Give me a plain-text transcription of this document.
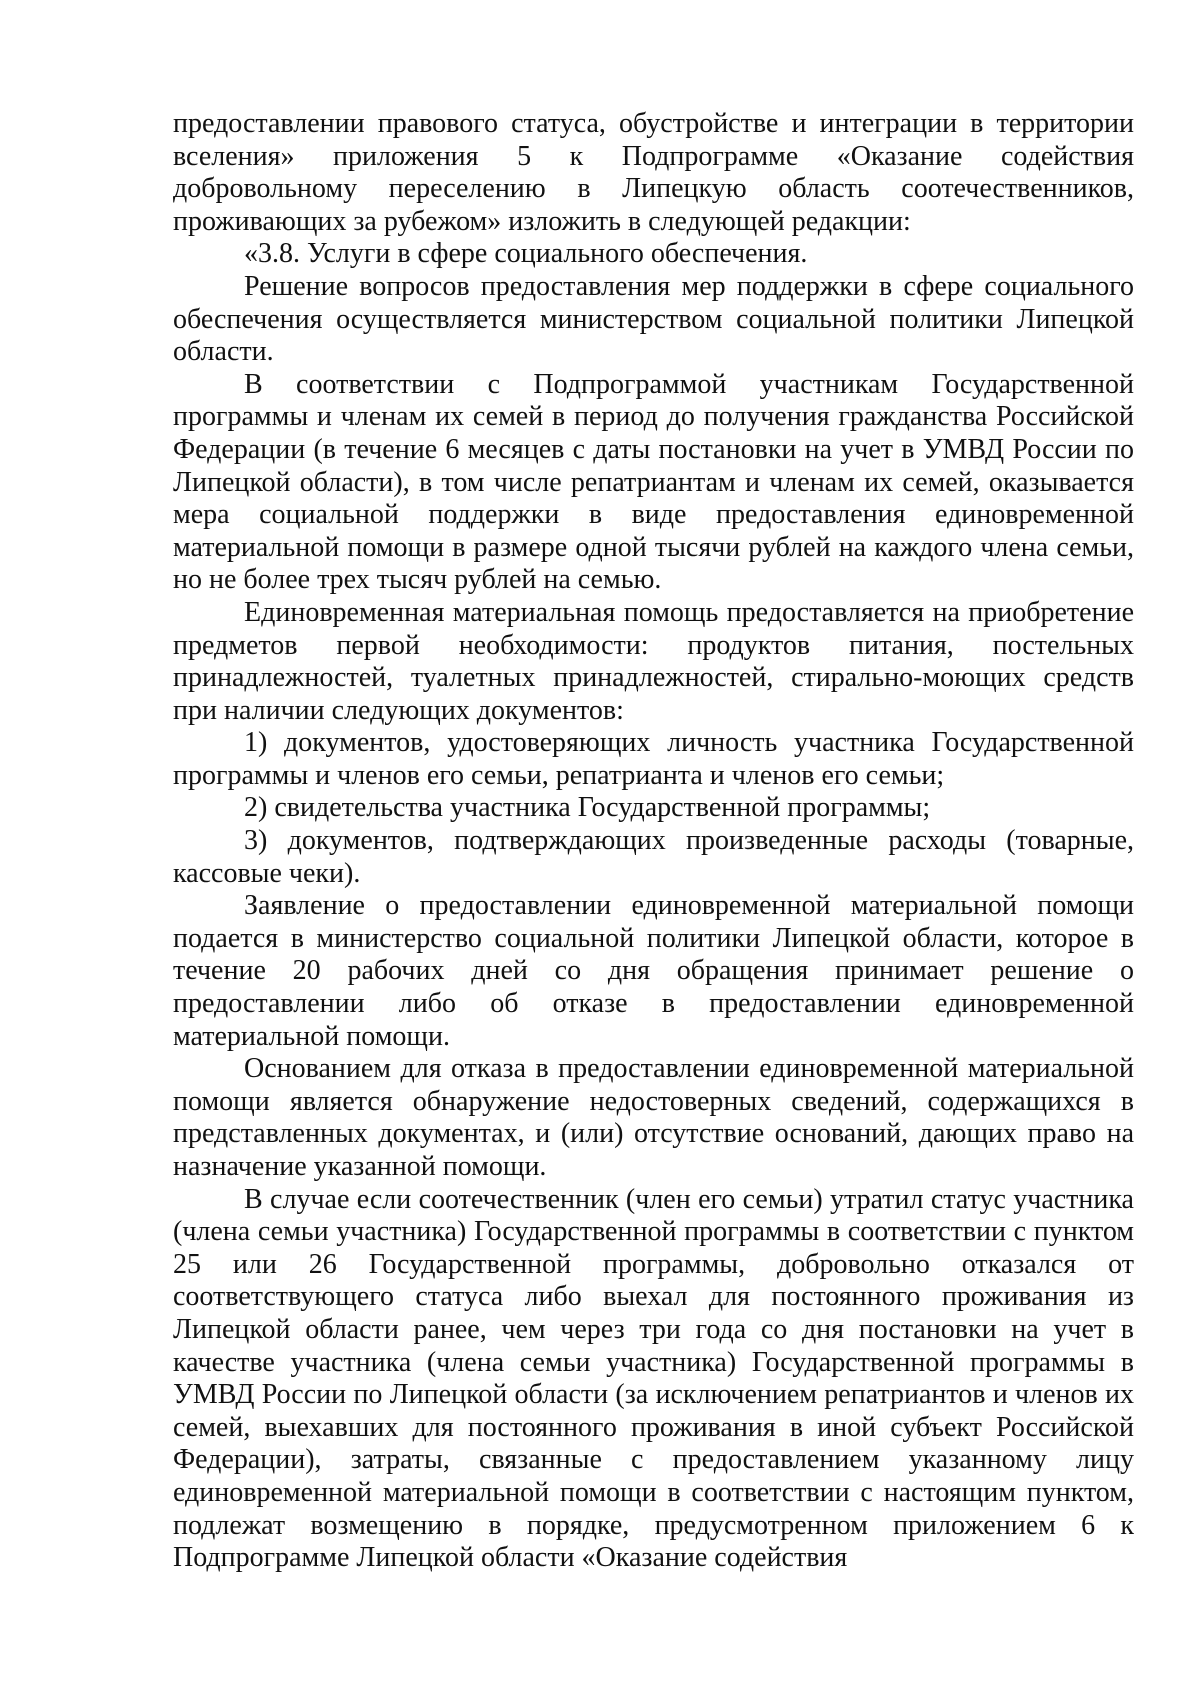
предоставлении правового статуса, обустройстве и интеграции в территории вселения» приложения 5 к Подпрограмме «Оказание содействия добровольному переселению в Липецкую область соотечественников, проживающих за рубежом» изложить в следующей редакции:

«3.8. Услуги в сфере социального обеспечения.

Решение вопросов предоставления мер поддержки в сфере социального обеспечения осуществляется министерством социальной политики Липецкой области.

В соответствии с Подпрограммой участникам Государственной программы и членам их семей в период до получения гражданства Российской Федерации (в течение 6 месяцев с даты постановки на учет в УМВД России по Липецкой области), в том числе репатриантам и членам их семей, оказывается мера социальной поддержки в виде предоставления единовременной материальной помощи в размере одной тысячи рублей на каждого члена семьи, но не более трех тысяч рублей на семью.

Единовременная материальная помощь предоставляется на приобретение предметов первой необходимости: продуктов питания, постельных принадлежностей, туалетных принадлежностей, стирально-моющих средств при наличии следующих документов:

1) документов, удостоверяющих личность участника Государственной программы и членов его семьи, репатрианта и членов его семьи;

2) свидетельства участника Государственной программы;

3) документов, подтверждающих произведенные расходы (товарные, кассовые чеки).

Заявление о предоставлении единовременной материальной помощи подается в министерство социальной политики Липецкой области, которое в течение 20 рабочих дней со дня обращения принимает решение о предоставлении либо об отказе в предоставлении единовременной материальной помощи.

Основанием для отказа в предоставлении единовременной материальной помощи является обнаружение недостоверных сведений, содержащихся в представленных документах, и (или) отсутствие оснований, дающих право на назначение указанной помощи.

В случае если соотечественник (член его семьи) утратил статус участника (члена семьи участника) Государственной программы в соответствии с пунктом 25 или 26 Государственной программы, добровольно отказался от соответствующего статуса либо выехал для постоянного проживания из Липецкой области ранее, чем через три года со дня постановки на учет в качестве участника (члена семьи участника) Государственной программы в УМВД России по Липецкой области (за исключением репатриантов и членов их семей, выехавших для постоянного проживания в иной субъект Российской Федерации), затраты, связанные с предоставлением указанному лицу единовременной материальной помощи в соответствии с настоящим пунктом, подлежат возмещению в порядке, предусмотренном приложением 6 к Подпрограмме Липецкой области «Оказание содействия
